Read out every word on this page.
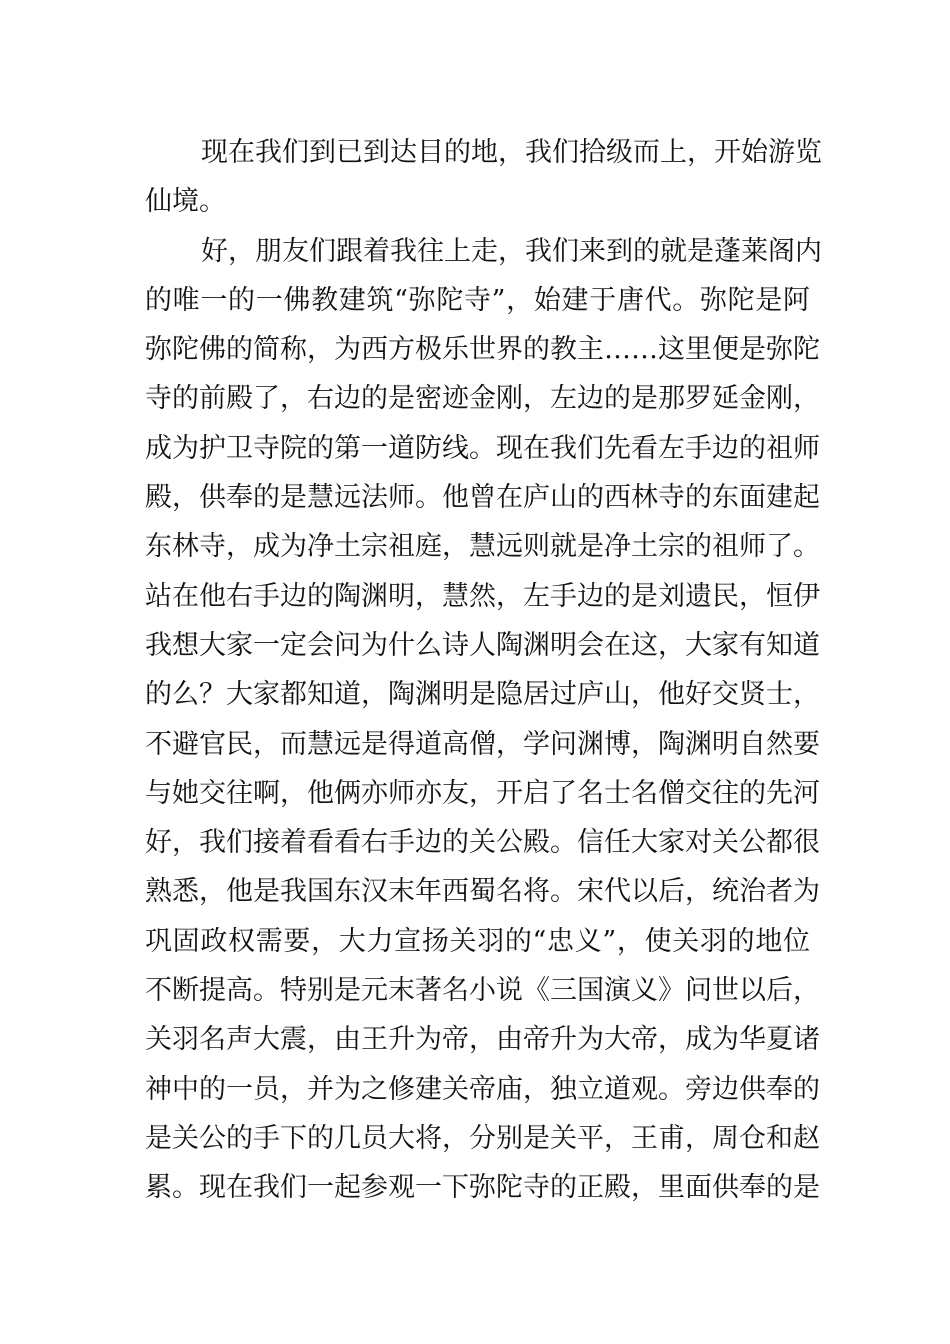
现在我们到已到达目的地，我们拾级而上，开始游览
仙境。
好，朋友们跟着我往上走，我们来到的就是蓬莱阁内
的唯一的一佛教建筑“弥陀寺”，始建于唐代。弥陀是阿
弥陀佛的简称，为西方极乐世界的教主……这里便是弥陀
寺的前殿了，右边的是密迹金刚，左边的是那罗延金刚，
成为护卫寺院的第一道防线。现在我们先看左手边的祖师
殿，供奉的是慧远法师。他曾在庐山的西林寺的东面建起
东林寺，成为净土宗祖庭，慧远则就是净土宗的祖师了。
站在他右手边的陶渊明，慧然，左手边的是刘遗民，恒伊
我想大家一定会问为什么诗人陶渊明会在这，大家有知道
的么？大家都知道，陶渊明是隐居过庐山，他好交贤士，
不避官民，而慧远是得道高僧，学问渊博，陶渊明自然要
与她交往啊，他俩亦师亦友，开启了名士名僧交往的先河
好，我们接着看看右手边的关公殿。信任大家对关公都很
熟悉，他是我国东汉末年西蜀名将。宋代以后，统治者为
巩固政权需要，大力宣扬关羽的“忠义”，使关羽的地位
不断提高。特别是元末著名小说《三国演义》问世以后，
关羽名声大震，由王升为帝，由帝升为大帝，成为华夏诸
神中的一员，并为之修建关帝庙，独立道观。旁边供奉的
是关公的手下的几员大将，分别是关平，王甫，周仓和赵
累。现在我们一起参观一下弥陀寺的正殿，里面供奉的是
